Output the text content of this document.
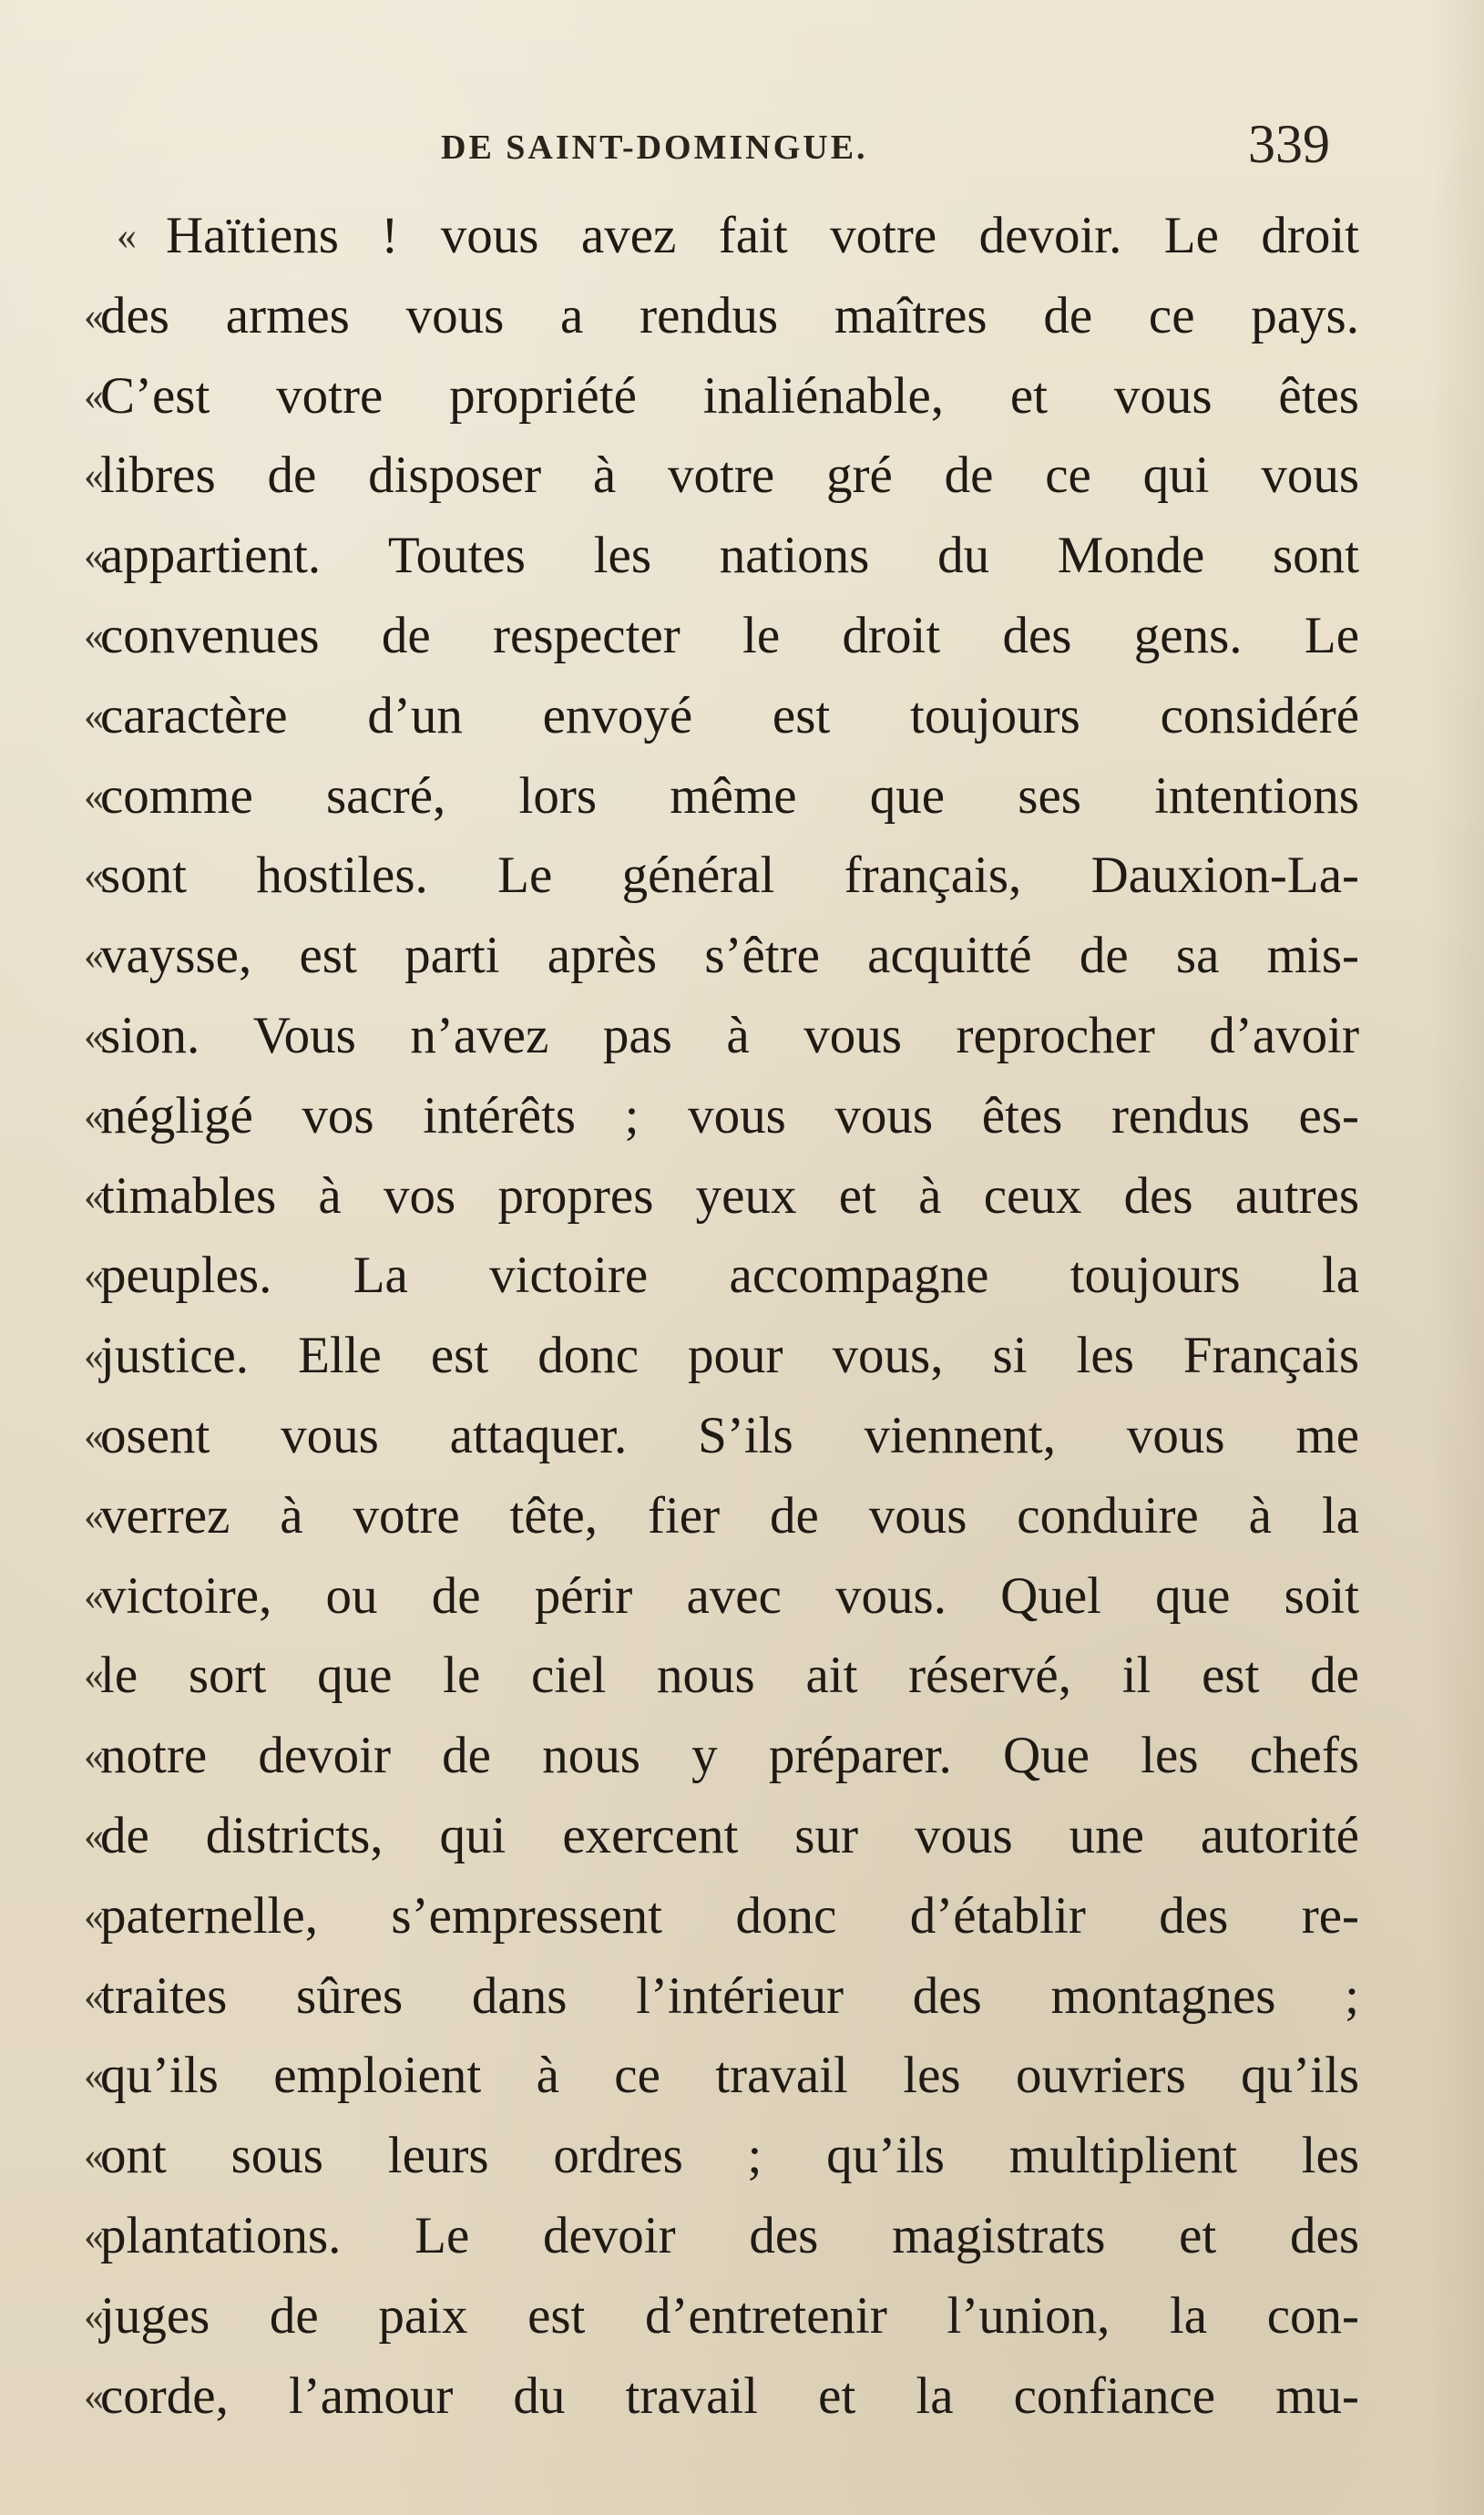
DE SAINT-DOMINGUE.	339
« Haïtiens ! vous avez fait votre devoir. Le droit
«
des armes vous a rendus maîtres de ce pays.
«
C’est votre propriété inaliénable, et vous êtes
«
libres de disposer à votre gré de ce qui vous
«
appartient. Toutes les nations du Monde sont
«
convenues de respecter le droit des gens. Le
«
caractère d’un envoyé est toujours considéré
«
comme sacré, lors même que ses intentions
«
sont hostiles. Le général français, Dauxion-La-
«
vaysse, est parti après s’être acquitté de sa mis-
«
sion. Vous n’avez pas à vous reprocher d’avoir
«
négligé vos intérêts ; vous vous êtes rendus es-
«
timables à vos propres yeux et à ceux des autres
«
peuples. La victoire accompagne toujours la
«
justice. Elle est donc pour vous, si les Français
«
osent vous attaquer. S’ils viennent, vous me
«
verrez à votre tête, fier de vous conduire à la
«
victoire, ou de périr avec vous. Quel que soit
«
le sort que le ciel nous ait réservé, il est de
«
notre devoir de nous y préparer. Que les chefs
«
de districts, qui exercent sur vous une autorité
«
paternelle, s’empressent donc d’établir des re-
«
traites sûres dans l’intérieur des montagnes ;
«
qu’ils emploient à ce travail les ouvriers qu’ils
«
ont sous leurs ordres ; qu’ils multiplient les
«
plantations. Le devoir des magistrats et des
«
juges de paix est d’entretenir l’union, la con-
«
corde, l’amour du travail et la confiance mu-
